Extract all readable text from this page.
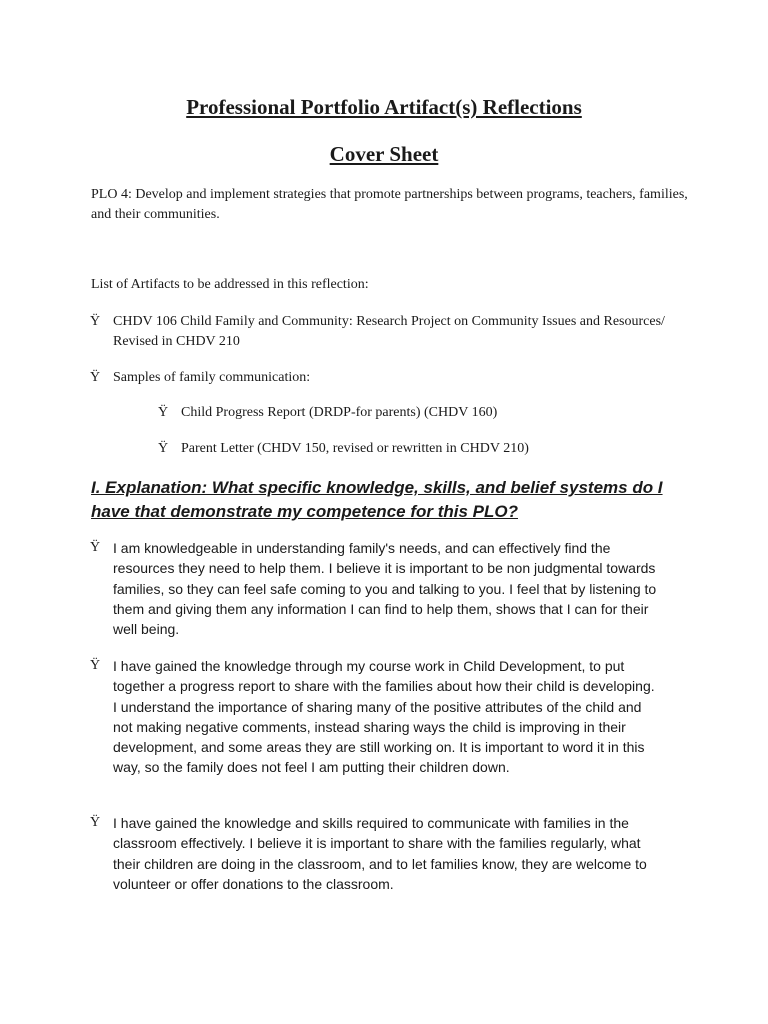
Professional Portfolio Artifact(s) Reflections
Cover Sheet
PLO 4: Develop and implement strategies that promote partnerships between programs, teachers, families, and their communities.
List of Artifacts to be addressed in this reflection:
Ÿ CHDV 106 Child Family and Community: Research Project on Community Issues and Resources/ Revised in CHDV 210
Ÿ Samples of family communication:
Ÿ Child Progress Report (DRDP-for parents) (CHDV 160)
Ÿ Parent Letter (CHDV 150, revised or rewritten in CHDV 210)
I. Explanation: What specific knowledge, skills, and belief systems do I have that demonstrate my competence for this PLO?
Ÿ I am knowledgeable in understanding family's needs, and can effectively find the resources they need to help them. I believe it is important to be non judgmental towards families, so they can feel safe coming to you and talking to you. I feel that by listening to them and giving them any information I can find to help them, shows that I can for their well being.
Ÿ I have gained the knowledge through my course work in Child Development, to put together a progress report to share with the families about how their child is developing. I understand the importance of sharing many of the positive attributes of the child and not making negative comments, instead sharing ways the child is improving in their development, and some areas they are still working on. It is important to word it in this way, so the family does not feel I am putting their children down.
Ÿ I have gained the knowledge and skills required to communicate with families in the classroom effectively. I believe it is important to share with the families regularly, what their children are doing in the classroom, and to let families know, they are welcome to volunteer or offer donations to the classroom.
